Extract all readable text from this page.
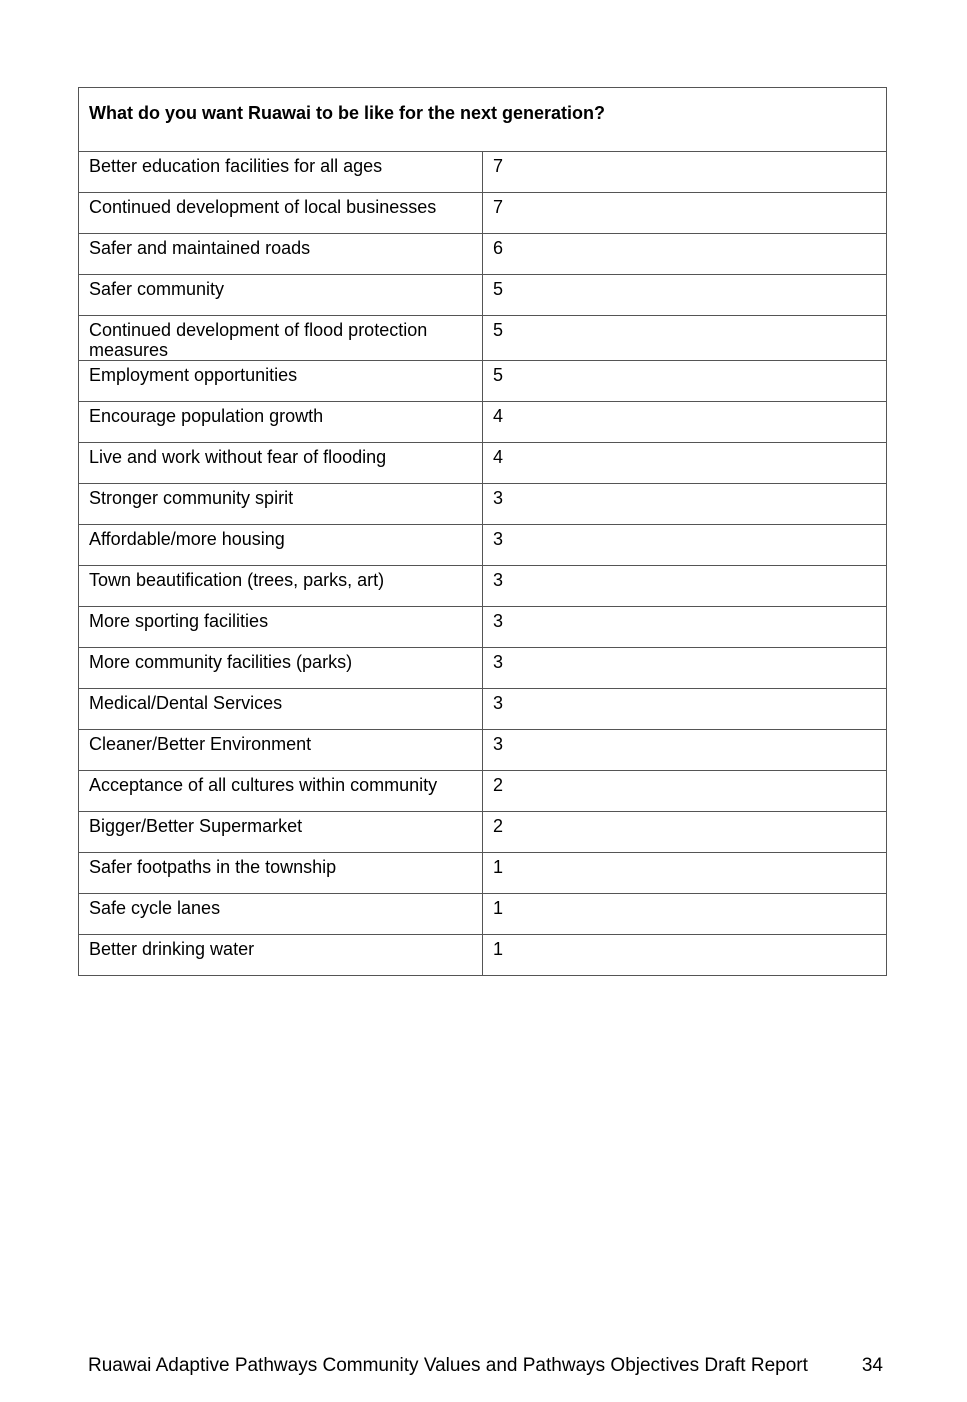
What do you want Ruawai to be like for the next generation?	
Better education facilities for all ages	7
Continued development of local businesses	7
Safer and maintained roads	6
Safer community	5
Continued development of flood protection measures	5
Employment opportunities	5
Encourage population growth	4
Live and work without fear of flooding	4
Stronger community spirit	3
Affordable/more housing	3
Town beautification (trees, parks, art)	3
More sporting facilities	3
More community facilities (parks)	3
Medical/Dental Services	3
Cleaner/Better Environment	3
Acceptance of all cultures within community	2
Bigger/Better Supermarket	2
Safer footpaths in the township	1
Safe cycle lanes	1
Better drinking water	1
Ruawai Adaptive Pathways Community Values and Pathways Objectives Draft Report	34
